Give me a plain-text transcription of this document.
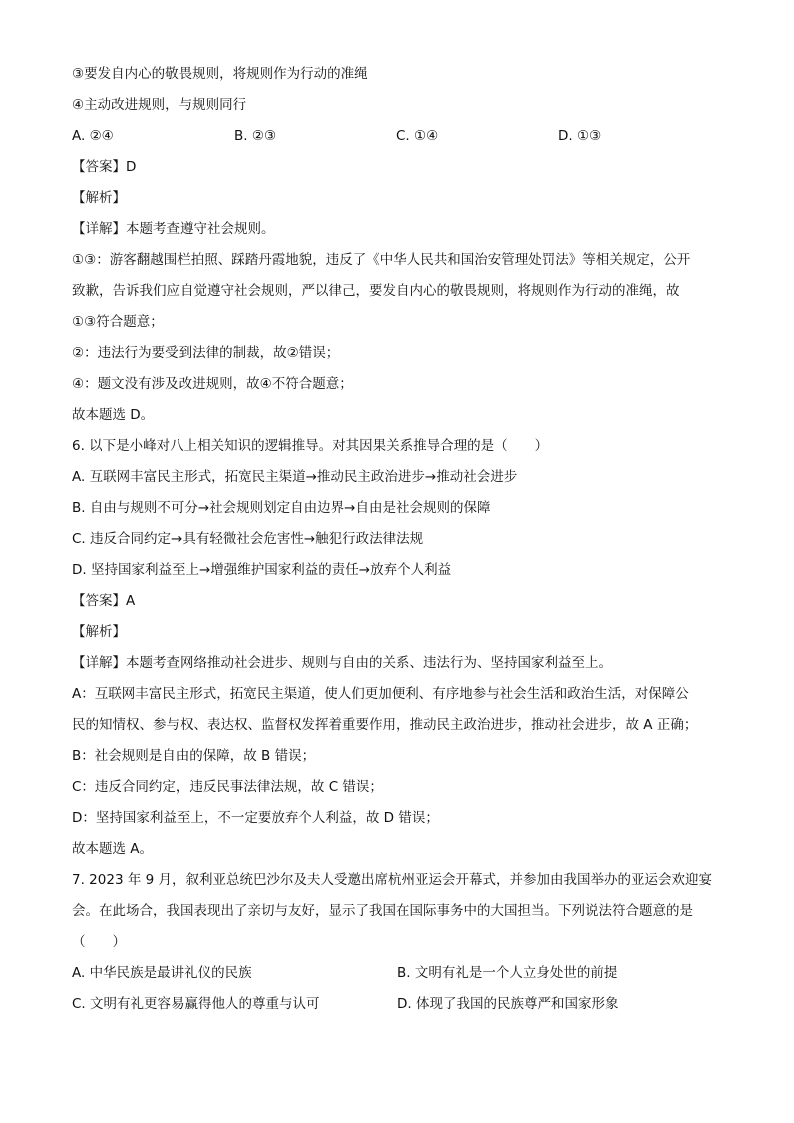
③要发自内心的敬畏规则，将规则作为行动的准绳
④主动改进规则，与规则同行
A. ②④	B. ②③	C. ①④	D. ①③
【答案】D
【解析】
【详解】本题考查遵守社会规则。
①③：游客翻越围栏拍照、踩踏丹霞地貌，违反了《中华人民共和国治安管理处罚法》等相关规定，公开
致歉，告诉我们应自觉遵守社会规则，严以律己，要发自内心的敬畏规则，将规则作为行动的准绳，故
①③符合题意；
②：违法行为要受到法律的制裁，故②错误；
④：题文没有涉及改进规则，故④不符合题意；
故本题选 D。
6. 以下是小峰对八上相关知识的逻辑推导。对其因果关系推导合理的是（　　）
A. 互联网丰富民主形式，拓宽民主渠道→推动民主政治进步→推动社会进步
B. 自由与规则不可分→社会规则划定自由边界→自由是社会规则的保障
C. 违反合同约定→具有轻微社会危害性→触犯行政法律法规
D. 坚持国家利益至上→增强维护国家利益的责任→放弃个人利益
【答案】A
【解析】
【详解】本题考查网络推动社会进步、规则与自由的关系、违法行为、坚持国家利益至上。
A：互联网丰富民主形式，拓宽民主渠道，使人们更加便利、有序地参与社会生活和政治生活，对保障公
民的知情权、参与权、表达权、监督权发挥着重要作用，推动民主政治进步，推动社会进步，故 A 正确；
B：社会规则是自由的保障，故 B 错误；
C：违反合同约定，违反民事法律法规，故 C 错误；
D：坚持国家利益至上，不一定要放弃个人利益，故 D 错误；
故本题选 A。
7. 2023 年 9 月，叙利亚总统巴沙尔及夫人受邀出席杭州亚运会开幕式，并参加由我国举办的亚运会欢迎宴
会。在此场合，我国表现出了亲切与友好，显示了我国在国际事务中的大国担当。下列说法符合题意的是
（　　）
A. 中华民族是最讲礼仪的民族	B. 文明有礼是一个人立身处世的前提
C. 文明有礼更容易赢得他人的尊重与认可	D. 体现了我国的民族尊严和国家形象
